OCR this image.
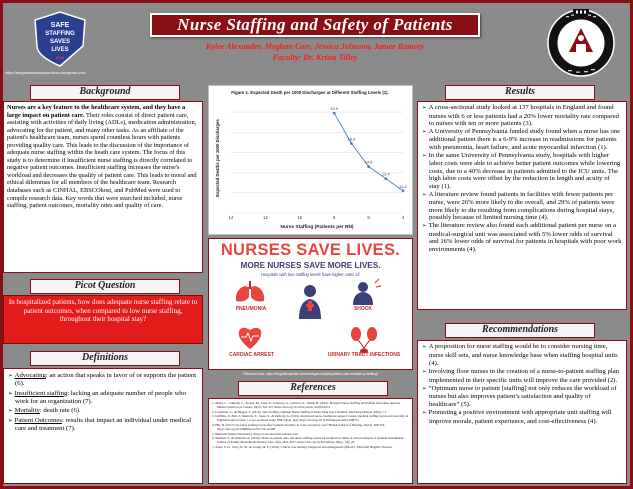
SAFE
STAFFING
SAVES
LIVES
ANA
Nurse Staffing and Safety of Patients
Kylee Alexander, Meghan Corr, Jessica Johnson, Jamee Ramsey
Faculty: Dr. Krista Tilley
https://bestpracticesforsupervisors.wordpress.com/
Background
Nurses are a key feature to the healthcare system, and they have a large impact on patient care. Their roles consist of direct patient care, assisting with activities of daily living (ADLs), medication administration, advocating for the patient, and many other tasks. As an affiliate of the patient's healthcare team, nurses spend countless hours with patients providing quality care. This leads to the discussion of the importance of adequate nurse staffing within the heath care system. The focus of this study is to determine if insufficient nurse staffing is directly correlated to negative patient outcomes. Insufficient staffing increases the nurse's workload and decreases the quality of patient care. This leads to moral and ethical dilemmas for all members of the healthcare team. Research databases such as CINHAL, EBSCOhost, and PubMed were used to compile research data. Key words that were searched included, nurse staffing, patient outcomes, mortality rates and quality of care.
Picot Question
In hospitalized patients, how does adequate nurse staffing relate to patient outcomes, when compared to low nurse staffing, throughout their hospital stay?
Definitions
➢ Advocating: an action that speaks in favor of or supports the patient (6).
➢ Insufficient staffing: lacking an adequate number of people who work for an organization (7).
➢ Mortality: death rate (6).
➢ Patient Outcomes: results that impact an individual under medical care and treatment (7).
Figure 1. Expected Death per 1000 Discharges at Different Staffing Levels (1).
Expected Deaths per 1000 Discharges
Nurse Staffing (Patients per RN)
14	12	10	8	6	4
19.9
16.9
14.6
13.4
12.2
NURSES SAVE LIVES.
MORE NURSES SAVE MORE LIVES.
Hospitals with low staffing levels have higher rates of:
PNEUMONIA	SHOCK
CARDIAC ARREST	URINARY TRACT INFECTIONS
Retrieved from: https://hrpgetshospitals.com/michigan-hospital-patient-care-mandatory-staffing/
References

1. Aiken, L., Cimiotti, C., Sloane, M., Lake, E., Gaboury, A., Gabarra, A., Smith, H. (2016). Hospital Nurse Staffing and Patient Outcomes. Revista Médica Clínica Las Condes, 29(3), 322-327. https://doi.org/10.1016/j.rmclc.2018.04.011

2. Cosentino, C., & Hanges, S. (2019). Safe Staffing: Optimal Nurse Staffing is More Than Just a Number. Med Surg Matters, 28(3), 1-7.

3. Griffiths, P., Ball, J., Murrells, T., Jones, S., & Rafferty, A. (2016). Registered nurse, healthcare support worker, medical staffing levels and mortality in English hospital trusts: a cross-sectional study. BMJ Open, 6(2). https://doi.org/10.1136/bmjopen-2015-008751

4. Hill, B. (2017). Do nurse staffing levels affect patient mortality in acute secondary care? British Journal of Nursing, 26(12), 698-704. https://doi.org/10.12968/bjon.2017.26.12.698

5. Merriam-Webster Dictionary. https://www.merriam-webster.com

6. Shamali, S., & Suhonen, R. (2019). Nurse-to-patient ratio and nurse staffing norms for hospitals in India: A critical analysis of national benchmarks. Journal of Family Medicine & Primary Care, 9(6), 2811-2817. https://doi.org/10.4103/jfmpc.jfmpc_340_20

7. Jones, S. D., Story, K. M., & Lough, M. E. (2018). Critical care nursing: Diagnosis and management (8th ed.). Maryland Heights: Elsevier.

Results
➢ A cross-sectional study looked at 137 hospitals in England and found nurses with 6 or less patients had a 20% lower mortality rate compared to nurses with ten or more patients (3).
➢ A University of Pennsylvania funded study found when a nurse has one additional patient there is a 6-9% increase in readmissions for patients with pneumonia, heart failure, and acute myocardial infarction (1).
➢ In the same University of Pennsylvania study, hospitals with higher labor costs were able to achieve better patient outcomes while lowering costs, due to a 40% decrease in patients admitted to the ICU units. The high labor costs were offset by the reduction in length and acuity of stay (1).
➢ A literature review found patients in facilities with fewer patients per nurse, were 26% more likely to die overall, and 29% of patients were more likely to die resulting from complications during hospital stays, possibly because of limited nursing time (4).
➢ The literature review also found each additional patient per nurse on a medical-surgical unit was associated with 5% lower odds of survival and 16% lower odds of survival for patients in hospitals with poor work environments (4).
Recommendations
➢ A proposition for nurse staffing would be to consider nursing time, nurse skill sets, and nurse knowledge base when staffing hospital units (4).
➢ Involving floor nurses in the creation of a nurse-to-patient staffing plan implemented in their specific units will improve the care provided (2).
➢ “Optimum nurse to patient [staffing] not only reduces the workload of nurses but also improves patient’s satisfaction and quality of healthcare” (5).
➢ Promoting a positive environment with appropriate unit staffing will improve morale, patient experience, and cost-effectiveness (4).
